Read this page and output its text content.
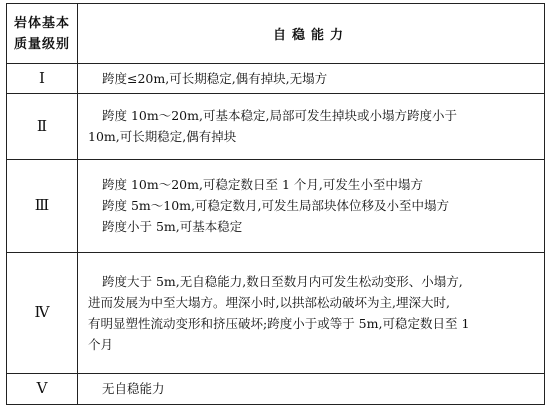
岩体基本
质量级别	自稳能力
Ⅰ	跨度≤20m,可长期稳定,偶有掉块,无塌方

Ⅱ	跨度 10m～20m,可基本稳定,局部可发生掉块或小塌方跨度小于
10m,可长期稳定,偶有掉块

Ⅲ	跨度 10m～20m,可稳定数日至 1 个月,可发生小至中塌方
跨度 5m～10m,可稳定数月,可发生局部块体位移及小至中塌方
跨度小于 5m,可基本稳定

Ⅳ	跨度大于 5m,无自稳能力,数日至数月内可发生松动变形、小塌方,
进而发展为中至大塌方。埋深小时,以拱部松动破坏为主,埋深大时,
有明显塑性流动变形和挤压破坏;跨度小于或等于 5m,可稳定数日至 1
个月

Ⅴ	无自稳能力
